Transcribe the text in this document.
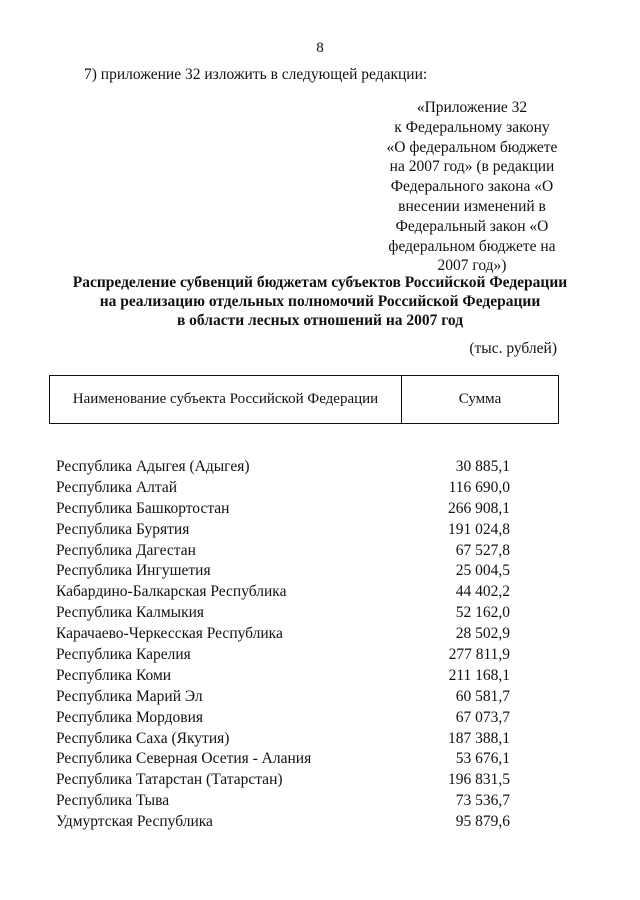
8
7) приложение 32 изложить в следующей редакции:
«Приложение 32
к Федеральному закону
«О федеральном бюджете
на 2007 год» (в редакции
Федерального закона «О
внесении изменений в
Федеральный закон «О
федеральном бюджете на
2007 год»)
Распределение субвенций бюджетам субъектов Российской Федерации
на реализацию отдельных полномочий Российской Федерации
в области лесных отношений на 2007 год
(тыс. рублей)
Наименование субъекта Российской Федерации	Сумма
Республика Адыгея (Адыгея)	30 885,1
Республика Алтай	116 690,0
Республика Башкортостан	266 908,1
Республика Бурятия	191 024,8
Республика Дагестан	67 527,8
Республика Ингушетия	25 004,5
Кабардино-Балкарская Республика	44 402,2
Республика Калмыкия	52 162,0
Карачаево-Черкесская Республика	28 502,9
Республика Карелия	277 811,9
Республика Коми	211 168,1
Республика Марий Эл	60 581,7
Республика Мордовия	67 073,7
Республика Саха (Якутия)	187 388,1
Республика Северная Осетия - Алания	53 676,1
Республика Татарстан (Татарстан)	196 831,5
Республика Тыва	73 536,7
Удмуртская Республика	95 879,6
